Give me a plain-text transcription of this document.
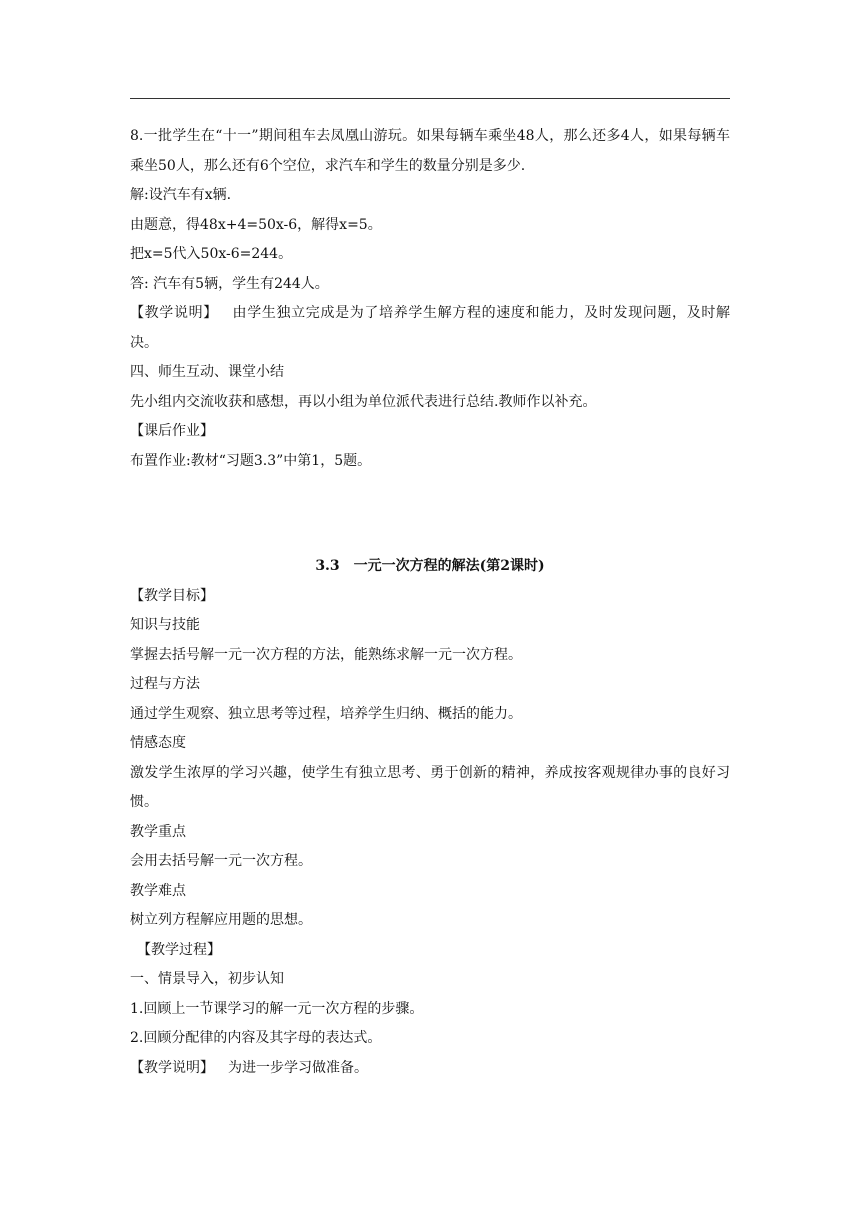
8.一批学生在“十一”期间租车去凤凰山游玩。如果每辆车乘坐48人，那么还多4人，如果每辆车乘坐50人，那么还有6个空位，求汽车和学生的数量分别是多少.

解:设汽车有x辆.

由题意，得48x+4=50x-6，解得x=5。

把x=5代入50x-6=244。

答: 汽车有5辆，学生有244人。

【教学说明】 由学生独立完成是为了培养学生解方程的速度和能力，及时发现问题，及时解决。

四、师生互动、课堂小结

先小组内交流收获和感想，再以小组为单位派代表进行总结.教师作以补充。

【课后作业】

布置作业:教材“习题3.3”中第1，5题。

3.3　一元一次方程的解法(第2课时)

【教学目标】

知识与技能

掌握去括号解一元一次方程的方法，能熟练求解一元一次方程。

过程与方法

通过学生观察、独立思考等过程，培养学生归纳、概括的能力。

情感态度

激发学生浓厚的学习兴趣，使学生有独立思考、勇于创新的精神，养成按客观规律办事的良好习惯。

教学重点

会用去括号解一元一次方程。

教学难点

树立列方程解应用题的思想。

【教学过程】

一、情景导入，初步认知

1.回顾上一节课学习的解一元一次方程的步骤。

2.回顾分配律的内容及其字母的表达式。

【教学说明】 为进一步学习做准备。
